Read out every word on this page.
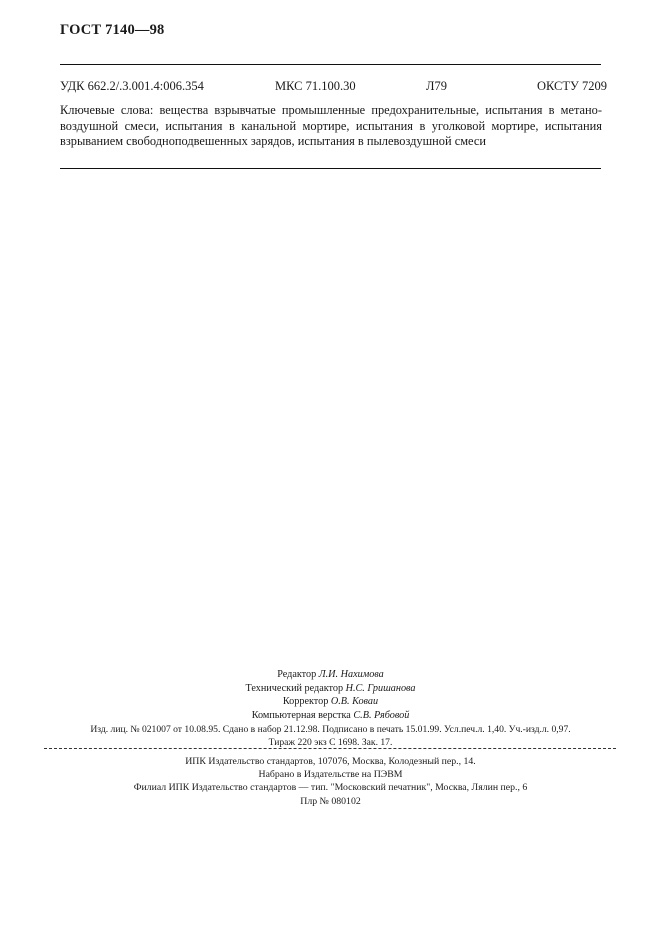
ГОСТ 7140—98
УДК 662.2/.3.001.4:006.354	МКС 71.100.30	Л79	ОКСТУ 7209
Ключевые слова: вещества взрывчатые промышленные предохранительные, испытания в метано-воздушной смеси, испытания в канальной мортире, испытания в уголковой мортире, испытания взрыванием свободноподвешенных зарядов, испытания в пылевоздушной смеси
Редактор Л.И. Нахимова
Технический редактор Н.С. Гришанова
Корректор О.В. Коваи
Компьютерная верстка С.В. Рябовой
Изд. лиц. № 021007 от 10.08.95. Сдано в набор 21.12.98. Подписано в печать 15.01.99. Усл.печ.л. 1,40. Уч.-изд.л. 0,97.
Тираж 220 экз С 1698. Зак. 17.
ИПК Издательство стандартов, 107076, Москва, Колодезный пер., 14.
Набрано в Издательстве на ПЭВМ
Филиал ИПК Издательство стандартов — тип. "Московский печатник", Москва, Лялин пер., 6
Плр № 080102
